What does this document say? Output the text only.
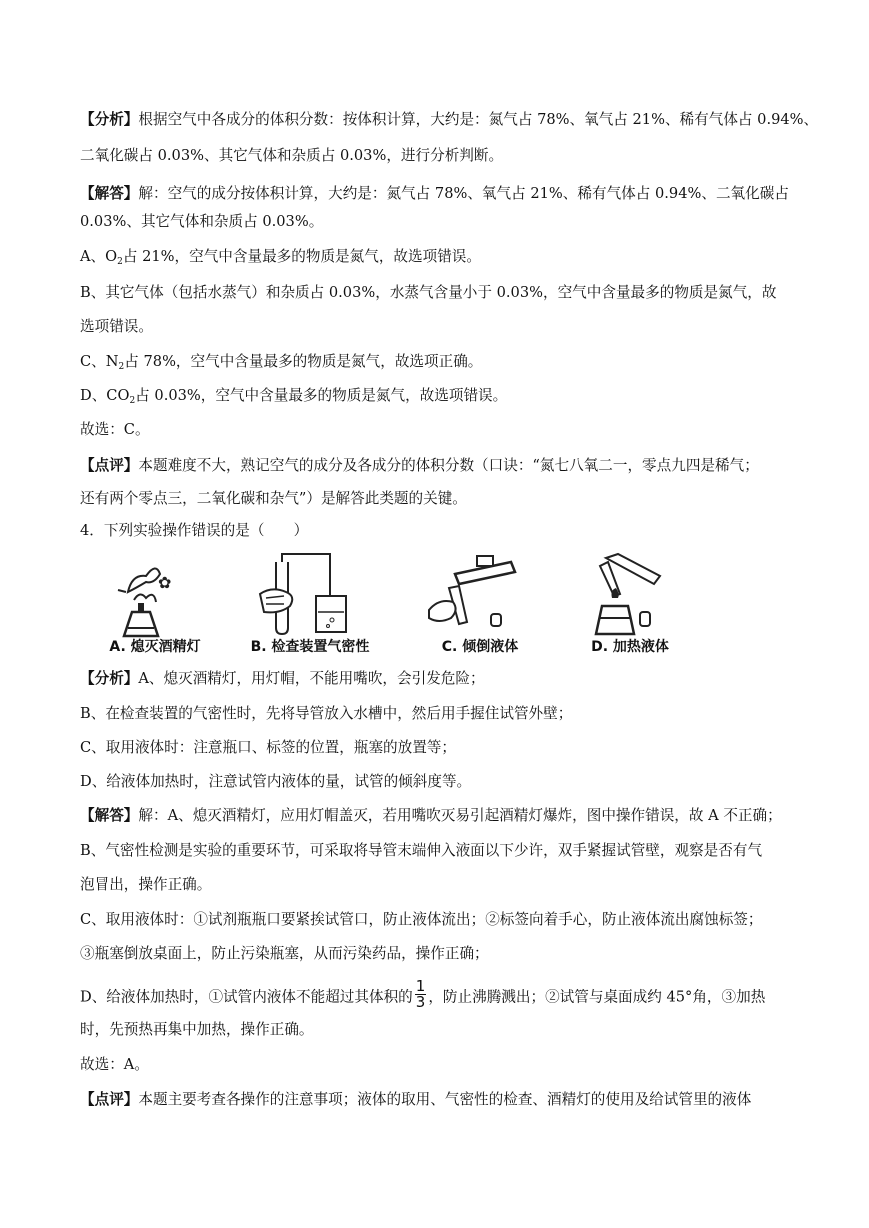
【分析】根据空气中各成分的体积分数：按体积计算，大约是：氮气占 78%、氧气占 21%、稀有气体占 0.94%、
二氧化碳占 0.03%、其它气体和杂质占 0.03%，进行分析判断。
【解答】解：空气的成分按体积计算，大约是：氮气占 78%、氧气占 21%、稀有气体占 0.94%、二氧化碳占
0.03%、其它气体和杂质占 0.03%。
A、$O_2$占 21%，空气中含量最多的物质是氮气，故选项错误。
B、其它气体（包括水蒸气）和杂质占 0.03%，水蒸气含量小于 0.03%，空气中含量最多的物质是氮气，故
选项错误。
C、$N_2$占 78%，空气中含量最多的物质是氮气，故选项正确。
D、$CO_2$占 0.03%，空气中含量最多的物质是氮气，故选项错误。
故选：C。
【点评】本题难度不大，熟记空气的成分及各成分的体积分数（口诀：“氮七八氧二一，零点九四是稀气；
还有两个零点三，二氧化碳和杂气”）是解答此类题的关键。
4．下列实验操作错误的是（　　）
✿
A. 熄灭酒精灯	B. 检查装置气密性	C. 倾倒液体	D. 加热液体
【分析】A、熄灭酒精灯，用灯帽，不能用嘴吹，会引发危险；
B、在检查装置的气密性时，先将导管放入水槽中，然后用手握住试管外壁；
C、取用液体时：注意瓶口、标签的位置，瓶塞的放置等；
D、给液体加热时，注意试管内液体的量，试管的倾斜度等。
【解答】解：A、熄灭酒精灯，应用灯帽盖灭，若用嘴吹灭易引起酒精灯爆炸，图中操作错误，故 A 不正确；
B、气密性检测是实验的重要环节，可采取将导管末端伸入液面以下少许，双手紧握试管壁，观察是否有气
泡冒出，操作正确。
C、取用液体时：①试剂瓶瓶口要紧挨试管口，防止液体流出；②标签向着手心，防止液体流出腐蚀标签；
③瓶塞倒放桌面上，防止污染瓶塞，从而污染药品，操作正确；
D、给液体加热时，①试管内液体不能超过其体积的 $\frac{1}{3}$ ，防止沸腾溅出；②试管与桌面成约 45°角，③加热
时，先预热再集中加热，操作正确。
故选：A。
【点评】本题主要考查各操作的注意事项；液体的取用、气密性的检查、酒精灯的使用及给试管里的液体
